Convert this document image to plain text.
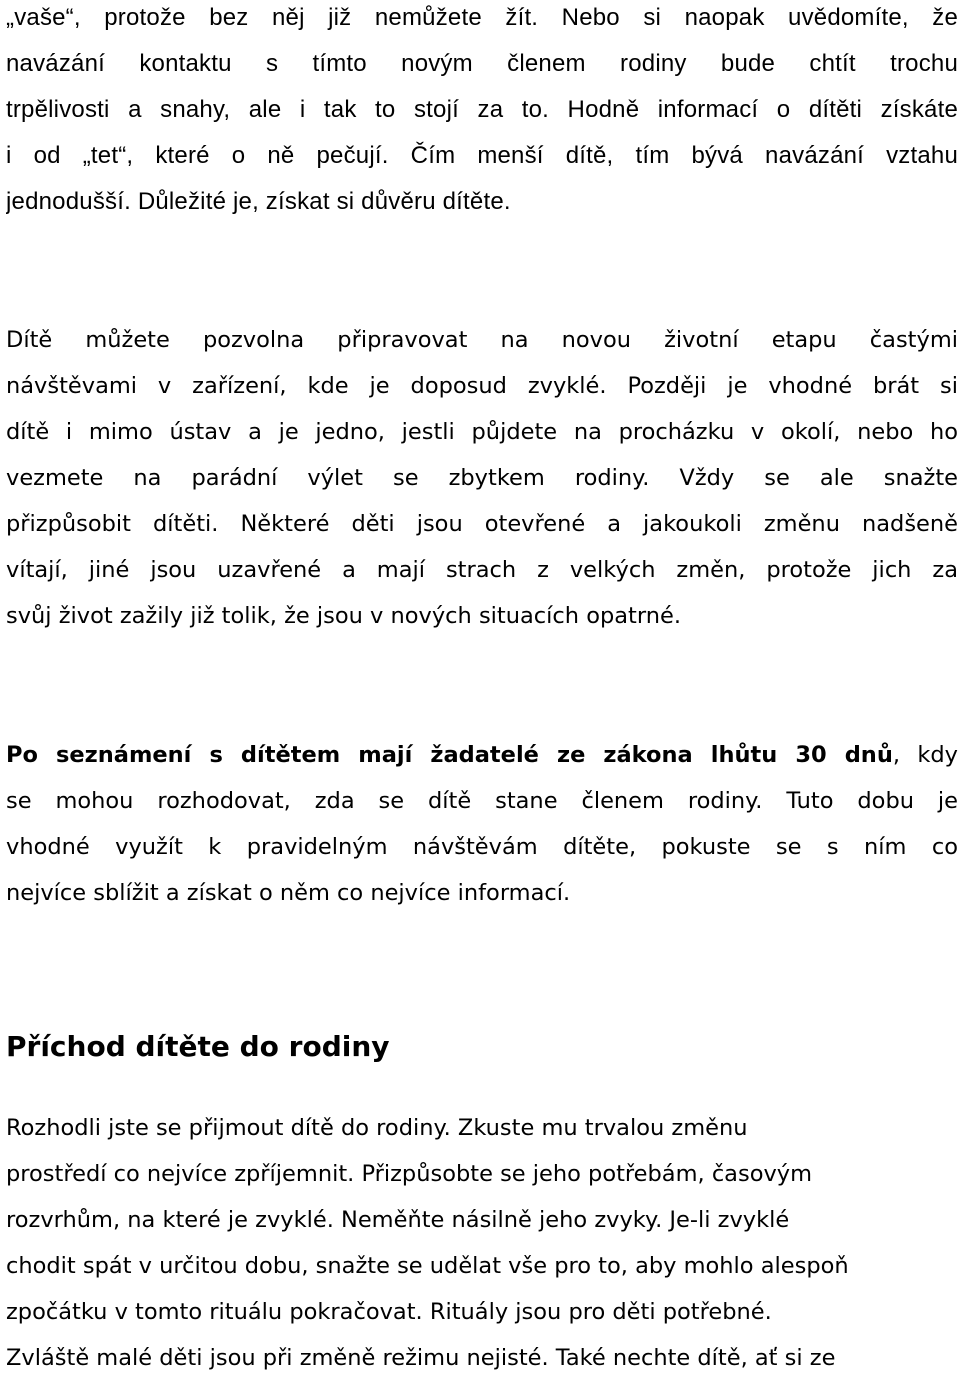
„vaše“, protože bez něj již nemůžete žít. Nebo si naopak uvědomíte, že
navázání kontaktu s tímto novým členem rodiny bude chtít trochu
trpělivosti a snahy, ale i tak to stojí za to. Hodně informací o dítěti získáte
i od „tet“, které o ně pečují. Čím menší dítě, tím bývá navázání vztahu
jednodušší. Důležité je, získat si důvěru dítěte.
Dítě můžete pozvolna připravovat na novou životní etapu častými
návštěvami v zařízení, kde je doposud zvyklé. Později je vhodné brát si
dítě i mimo ústav a je jedno, jestli půjdete na procházku v okolí, nebo ho
vezmete na parádní výlet se zbytkem rodiny. Vždy se ale snažte
přizpůsobit dítěti. Některé děti jsou otevřené a jakoukoli změnu nadšeně
vítají, jiné jsou uzavřené a mají strach z velkých změn, protože jich za
svůj život zažily již tolik, že jsou v nových situacích opatrné.
Po seznámení s dítětem mají žadatelé ze zákona lhůtu 30 dnů, kdy
se mohou rozhodovat, zda se dítě stane členem rodiny. Tuto dobu je
vhodné využít k pravidelným návštěvám dítěte, pokuste se s ním co
nejvíce sblížit a získat o něm co nejvíce informací.
Příchod dítěte do rodiny
Rozhodli jste se přijmout dítě do rodiny. Zkuste mu trvalou změnu
prostředí co nejvíce zpříjemnit. Přizpůsobte se jeho potřebám, časovým
rozvrhům, na které je zvyklé. Neměňte násilně jeho zvyky. Je-li zvyklé
chodit spát v určitou dobu, snažte se udělat vše pro to, aby mohlo alespoň
zpočátku v tomto rituálu pokračovat. Rituály jsou pro děti potřebné.
Zvláště malé děti jsou při změně režimu nejisté. Také nechte dítě, ať si ze
